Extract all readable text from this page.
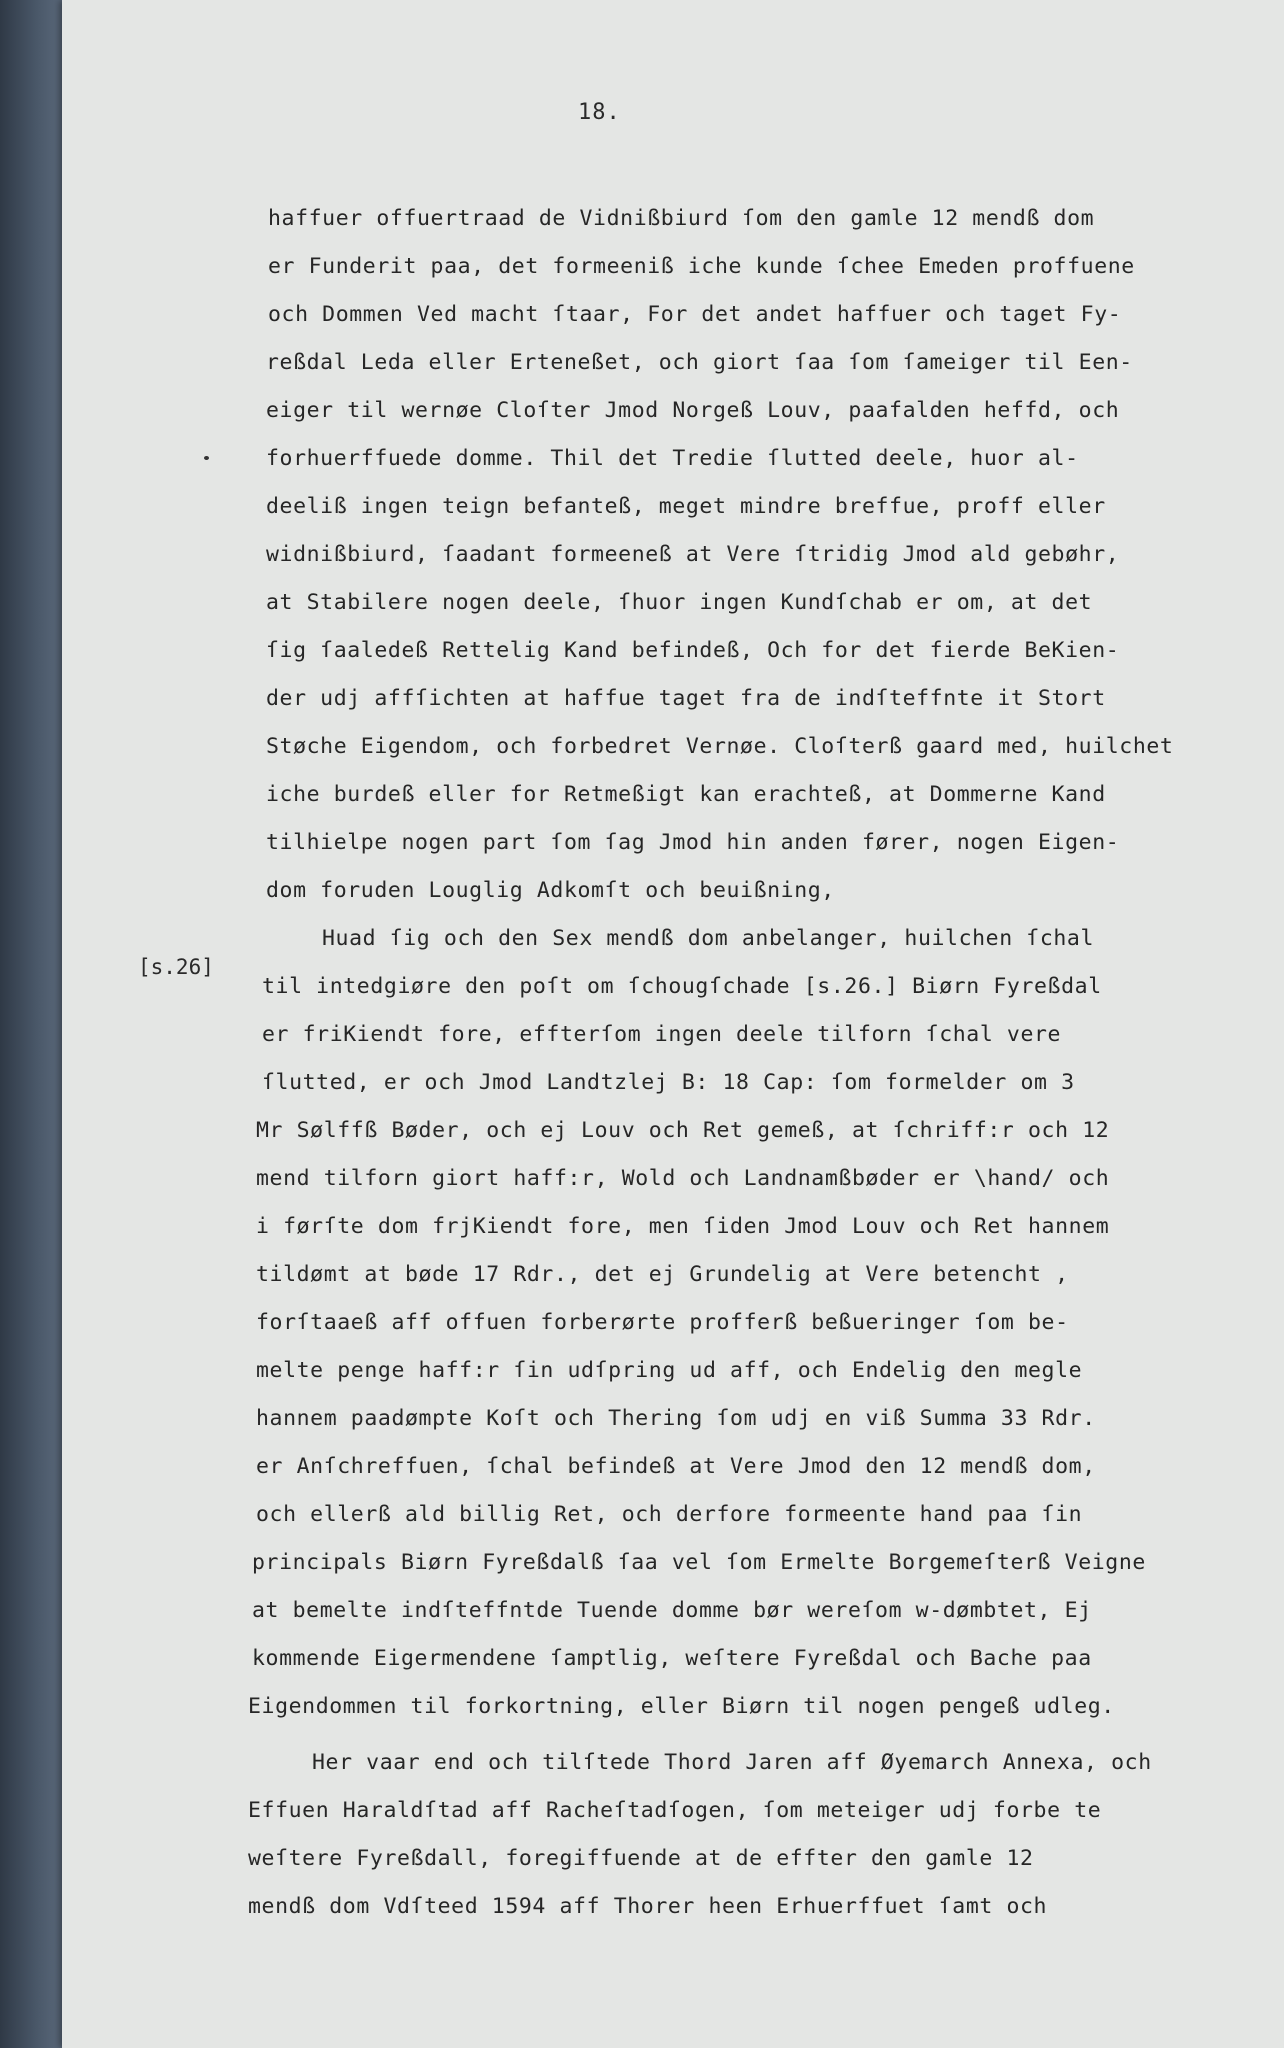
18.
[s.26]
haffuer offuertraad de Vidnißbiurd ſom den gamle 12 mendß dom
er Funderit paa, det formeeniß iche kunde ſchee Emeden proffuene
och Dommen Ved macht ſtaar, For det andet haffuer och taget Fy-
reßdal Leda eller Erteneßet, och giort ſaa ſom ſameiger til Een-
eiger til wernøe Cloſter Jmod Norgeß Louv, paafalden heffd, och
forhuerffuede domme. Thil det Tredie ſlutted deele, huor al-
deeliß ingen teign befanteß, meget mindre breffue, proff eller
widnißbiurd, ſaadant formeeneß at Vere ſtridig Jmod ald gebøhr,
at Stabilere nogen deele, ſhuor ingen Kundſchab er om, at det
ſig ſaaledeß Rettelig Kand befindeß, Och for det fierde BeKien-
der udj affſichten at haffue taget fra de indſteffnte it Stort
Støche Eigendom, och forbedret Vernøe. Cloſterß gaard med, huilchet
iche burdeß eller for Retmeßigt kan erachteß, at Dommerne Kand
tilhielpe nogen part ſom ſag Jmod hin anden fører, nogen Eigen-
dom foruden Louglig Adkomſt och beuißning,
Huad ſig och den Sex mendß dom anbelanger, huilchen ſchal
til intedgiøre den poſt om ſchougſchade [s.26.] Biørn Fyreßdal
er friKiendt fore, effterſom ingen deele tilforn ſchal vere
ſlutted, er och Jmod Landtzlej B: 18 Cap: ſom formelder om 3
Mr Sølffß Bøder, och ej Louv och Ret gemeß, at ſchriff:r och 12
mend tilforn giort haff:r, Wold och Landnamßbøder er \hand/ och
i førſte dom frjKiendt fore, men ſiden Jmod Louv och Ret hannem
tildømt at bøde 17 Rdr., det ej Grundelig at Vere betencht ,
forſtaaeß aff offuen forberørte profferß beßueringer ſom be-
melte penge haff:r ſin udſpring ud aff, och Endelig den megle
hannem paadømpte Koſt och Thering ſom udj en viß Summa 33 Rdr.
er Anſchreffuen, ſchal befindeß at Vere Jmod den 12 mendß dom,
och ellerß ald billig Ret, och derfore formeente hand paa ſin
principals Biørn Fyreßdalß ſaa vel ſom Ermelte Borgemeſterß Veigne
at bemelte indſteffntde Tuende domme bør wereſom w-dømbtet, Ej
kommende Eigermendene ſamptlig, weſtere Fyreßdal och Bache paa
Eigendommen til forkortning, eller Biørn til nogen pengeß udleg.
Her vaar end och tilſtede Thord Jaren aff Øyemarch Annexa, och
Effuen Haraldſtad aff Racheſtadſogen, ſom meteiger udj forbe te
weſtere Fyreßdall, foregiffuende at de effter den gamle 12
mendß dom Vdſteed 1594 aff Thorer heen Erhuerffuet ſamt och
